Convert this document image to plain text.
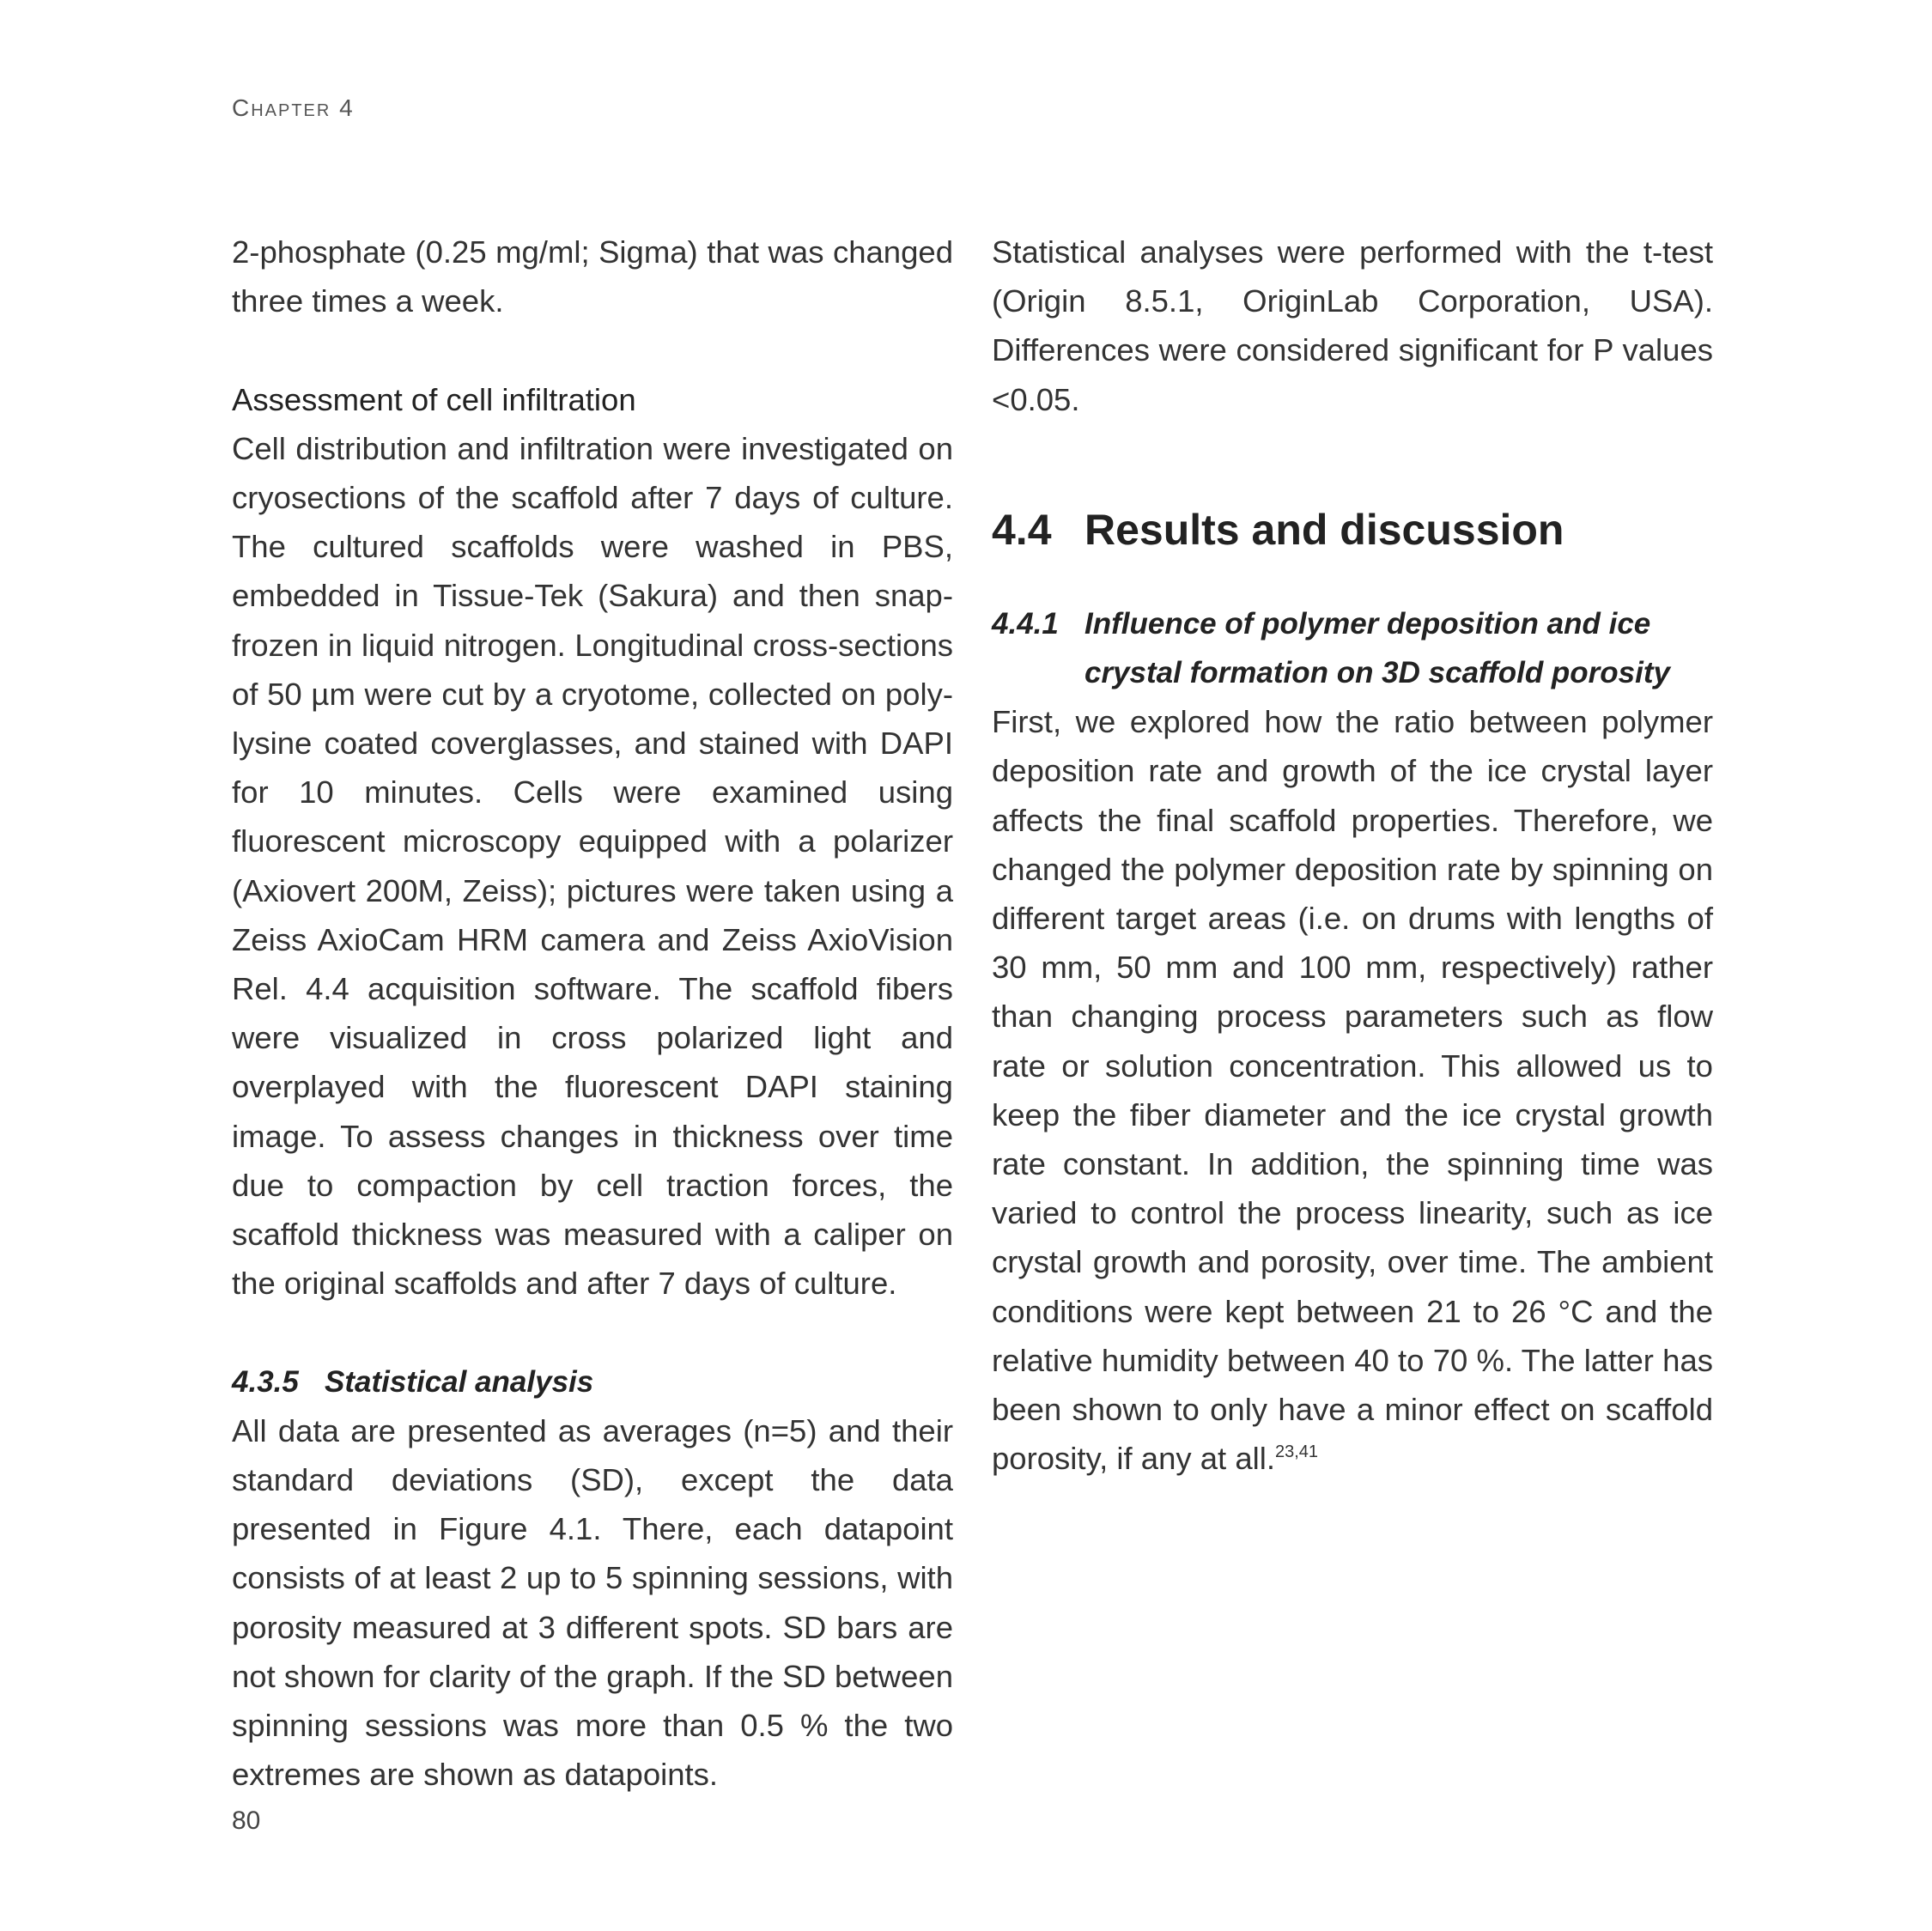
Chapter 4

2-phosphate (0.25 mg/ml; Sigma) that was changed three times a week.

Assessment of cell infiltration

Cell distribution and infiltration were investigated on cryosections of the scaffold after 7 days of culture. The cultured scaffolds were washed in PBS, embedded in Tissue-Tek (Sakura) and then snap-frozen in liquid nitrogen. Longitudinal cross-sections of 50 µm were cut by a cryotome, collected on poly-lysine coated coverglasses, and stained with DAPI for 10 minutes. Cells were examined using fluorescent microscopy equipped with a polarizer (Axiovert 200M, Zeiss); pictures were taken using a Zeiss AxioCam HRM camera and Zeiss AxioVision Rel. 4.4 acquisition software. The scaffold fibers were visualized in cross polarized light and overplayed with the fluorescent DAPI staining image. To assess changes in thickness over time due to compaction by cell traction forces, the scaffold thickness was measured with a caliper on the original scaffolds and after 7 days of culture.

4.3.5 Statistical analysis

All data are presented as averages (n=5) and their standard deviations (SD), except the data presented in Figure 4.1. There, each datapoint consists of at least 2 up to 5 spinning sessions, with porosity measured at 3 different spots. SD bars are not shown for clarity of the graph. If the SD between spinning sessions was more than 0.5 % the two extremes are shown as datapoints.

Statistical analyses were performed with the t-test (Origin 8.5.1, OriginLab Corporation, USA). Differences were considered significant for P values <0.05.

4.4 Results and discussion
4.4.1 Influence of polymer deposition and ice crystal formation on 3D scaffold porosity

First, we explored how the ratio between polymer deposition rate and growth of the ice crystal layer affects the final scaffold properties. Therefore, we changed the polymer deposition rate by spinning on different target areas (i.e. on drums with lengths of 30 mm, 50 mm and 100 mm, respectively) rather than changing process parameters such as flow rate or solution concentration. This allowed us to keep the fiber diameter and the ice crystal growth rate constant. In addition, the spinning time was varied to control the process linearity, such as ice crystal growth and porosity, over time. The ambient conditions were kept between 21 to 26 °C and the relative humidity between 40 to 70 %. The latter has been shown to only have a minor effect on scaffold porosity, if any at all.$^{23,41}$

80
